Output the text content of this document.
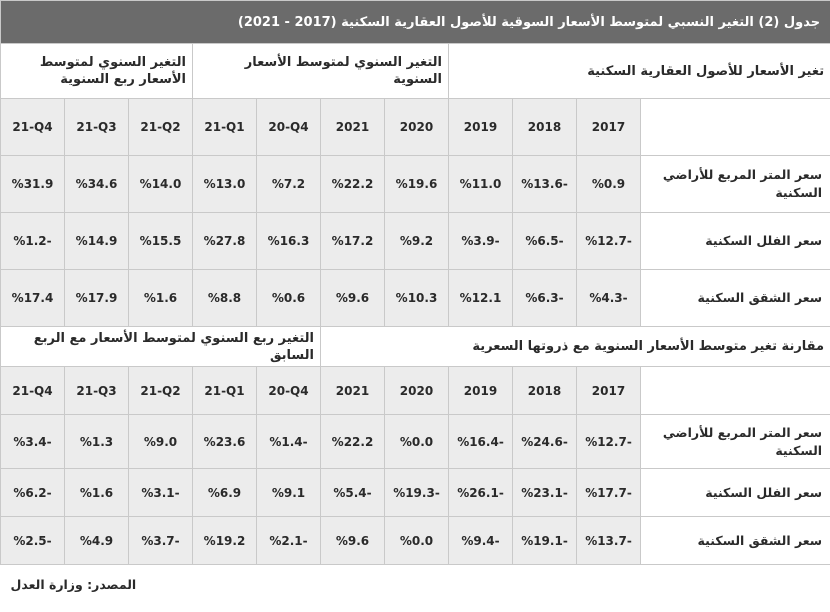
جدول (2) التغير النسبي لمتوسط الأسعار السوقية للأصول العقارية السكنية (2017 - 2021)										
التغير السنوي لمتوسط الأسعار ربع السنوية			التغير السنوي لمتوسط الأسعار السنوية				تغير الأسعار للأصول العقارية السكنية			
21-Q4	21-Q3	21-Q2	21-Q1	20-Q4	2021	2020	2019	2018	2017	
%31.9	%34.6	%14.0	%13.0	%7.2	%22.2	%19.6	%11.0	%13.6-	%0.9	سعر المتر المربع للأراضي السكنية
%1.2-	%14.9	%15.5	%27.8	%16.3	%17.2	%9.2	%3.9-	%6.5-	%12.7-	سعر الفلل السكنية
%17.4	%17.9	%1.6	%8.8	%0.6	%9.6	%10.3	%12.1	%6.3-	%4.3-	سعر الشقق السكنية
التغير ربع السنوي لمتوسط الأسعار مع الربع السابق					مقارنة تغير متوسط الأسعار السنوية مع ذروتها السعرية					
21-Q4	21-Q3	21-Q2	21-Q1	20-Q4	2021	2020	2019	2018	2017	
%3.4-	%1.3	%9.0	%23.6	%1.4-	%22.2	%0.0	%16.4-	%24.6-	%12.7-	سعر المتر المربع للأراضي السكنية
%6.2-	%1.6	%3.1-	%6.9	%9.1	%5.4-	%19.3-	%26.1-	%23.1-	%17.7-	سعر الفلل السكنية
%2.5-	%4.9	%3.7-	%19.2	%2.1-	%9.6	%0.0	%9.4-	%19.1-	%13.7-	سعر الشقق السكنية
المصدر: وزارة العدل										
